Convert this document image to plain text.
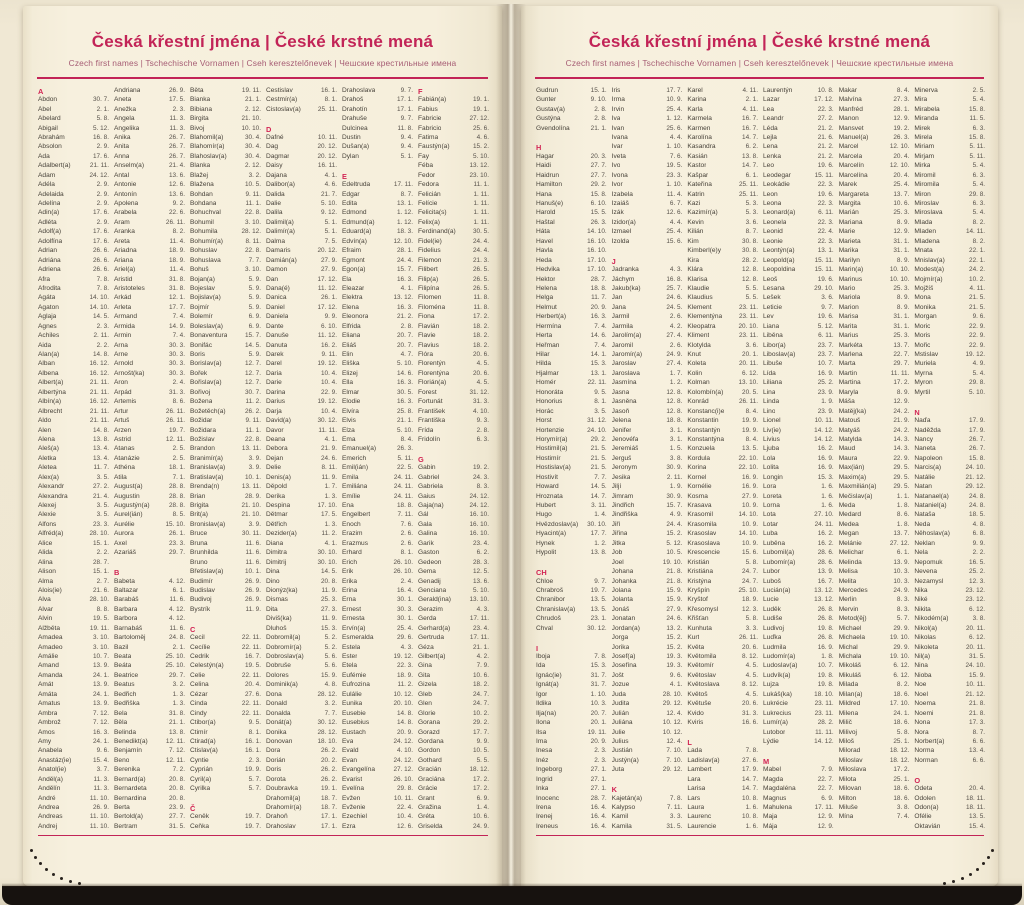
Česká křestní jména | České krstné mená
Czech first names | Tschechische Vornamen | Cseh keresztelőnevek | Чешские крестильные имена
A
Abdon	30. 7.
Ábel	2. 1.
Abelard	5. 8.
Abigail	5. 12.
Abrahám	16. 8.
Absolon	2. 9.
Ada	17. 6.
Adalbert(a)	21. 11.
Adam	24. 12.
Adéla	2. 9.
Adelaida	2. 9.
Adelína	2. 9.
Adin(a)	17. 6.
Adléta	2. 9.
Adolf(a)	17. 6.
Adolfína	17. 6.
Adrian	26. 6.
Adriána	26. 6.
Adriena	26. 6.
Afra	7. 8.
Afrodita	7. 8.
Agáta	14. 10.
Agaton	14. 10.
Aglaja	14. 5.
Agnes	2. 3.
Achiles	2. 11.
Aida	2. 2.
Alan(a)	14. 8.
Alban	16. 12.
Albena	16. 12.
Albert(a)	21. 11.
Albertýna	21. 11.
Albín(a)	16. 12.
Albrecht	21. 11.
Aldo	21. 11.
Alen	14. 8.
Alena	13. 8.
Aleš(a)	13. 4.
Aletka	13. 4.
Aletea	11. 7.
Alex(a)	3. 5.
Alexandr	27. 2.
Alexandra	21. 4.
Alexej	3. 5.
Alexie	3. 5.
Alfons	23. 3.
Alfréd(a)	28. 10.
Alice	15. 1.
Alida	2. 2.
Alina	28. 7.
Alison	15. 1.
Alma	2. 7.
Alois(ie)	21. 6.
Alva	28. 10.
Alvar	8. 8.
Alvin	19. 5.
Alžběta	19. 11.
Amadea	3. 10.
Amadeo	3. 10.
Amálie	10. 7.
Amand	13. 9.
Amanda	24. 1.
Amát	13. 9.
Amáta	24. 1.
Amatus	13. 9.
Ambra	7. 12.
Ambrož	7. 12.
Ámos	16. 3.
Amy	24. 1.
Anabela	9. 6.
Anastáz(ie)	15. 4.
Anatol(ie)	3. 7.
Anděl(a)	11. 3.
Andělín	11. 3.
André	11. 10.
Andrea	26. 9.
Andreas	11. 10.
Andrej	11. 10.
Andriana	26. 9.
Aneta	17. 5.
Anežka	2. 3.
Angela	11. 3.
Angelika	11. 3.
Anika	26. 7.
Anita	26. 7.
Anna	26. 7.
Anselm(a)	21. 4.
Antal	13. 6.
Antonie	12. 6.
Antonín	13. 6.
Apolena	9. 2.
Arabela	22. 6.
Aram	26. 11.
Aranka	8. 2.
Areta	11. 4.
Ariadna	18. 9.
Ariana	18. 9.
Ariel(a)	11. 4.
Aristid	31. 8.
Aristoteles	31. 8.
Arkád	12. 1.
Arleta	17. 7.
Armand	7. 4.
Armida	14. 9.
Armin	7. 4.
Arna	30. 3.
Arne	30. 3.
Arnold	30. 3.
Arnošt(ka)	30. 3.
Áron	2. 4.
Árpád	31. 3.
Artemis	8. 6.
Artur	26. 11.
Artuš	26. 11.
Arzen	19. 7.
Astrid	12. 11.
Atanas	2. 5.
Atanázie	2. 5.
Athéna	18. 1.
Atila	7. 1.
August(a)	28. 8.
Augustin	28. 8.
Augustýn(a)	28. 8.
Aurel(ián)	8. 5.
Aurélie	15. 10.
Aurora	26. 1.
Axel	23. 3.
Azariáš	29. 7.
B
Babeta	4. 12.
Baltazar	6. 1.
Barabáš	11. 6.
Barbara	4. 12.
Barbora	4. 12.
Barnabáš	11. 6.
Bartoloměj	24. 8.
Bazil	2. 1.
Beata	25. 10.
Beáta	25. 10.
Beatrice	29. 7.
Beatus	3. 2.
Bedřich	1. 3.
Bedřiška	1. 3.
Bela	31. 8.
Běla	21. 1.
Belinda	13. 8.
Benedikt(a)	12. 11.
Benjamín	7. 12.
Beno	12. 11.
Berenika	7. 2.
Bernard(a)	20. 8.
Bernardeta	20. 8.
Bernardina	20. 8.
Berta	23. 9.
Bertold(a)	27. 7.
Bertram	31. 5.
Běta	19. 11.
Bianka	21. 1.
Bibiana	2. 12.
Birgita	21. 10.
Bivoj	10. 10.
Blahomil(a)	30. 4.
Blahomír(a)	30. 4.
Blahoslav(a)	30. 4.
Blanka	2. 12.
Blažej	3. 2.
Blažena	10. 5.
Bohdan	9. 11.
Bohdana	11. 1.
Bohuchval	22. 8.
Bohumil	3. 10.
Bohumila	28. 12.
Bohumír(a)	8. 11.
Bohuslav	22. 8.
Bohuslava	7. 7.
Bohuš	3. 10.
Bojan(a)	5. 9.
Bojeslav	5. 9.
Bojislav(a)	5. 9.
Bojmír	5. 9.
Bolemír	6. 9.
Boleslav(a)	6. 9.
Bonaventura	15. 7.
Bonifác	14. 5.
Boris	5. 9.
Borislav(a)	12. 7.
Bořek	12. 7.
Bořislav(a)	12. 7.
Bořivoj	30. 7.
Božena	11. 2.
Božetěch(a)	26. 2.
Božidar	9. 11.
Božidara	11. 1.
Božislav	22. 8.
Brandon	13. 11.
Branimír(a)	3. 9.
Branislav(a)	3. 9.
Bratislav(a)	10. 1.
Brenda(n)	13. 11.
Brian	28. 9.
Brigita	21. 10.
Brit(a)	21. 10.
Bronislav(a)	3. 9.
Bruce	30. 11.
Bruna	11. 6.
Brunhilda	11. 6.
Bruno	11. 6.
Břetislav(a)	10. 1.
Budimír	26. 9.
Budislav	26. 9.
Budivoj	26. 9.
Bystrík	11. 9.
C
Cecil	22. 11.
Cecílie	22. 11.
Cedrik	16. 7.
Celestýn(a)	19. 5.
Celie	22. 11.
Celina	20. 4.
Cézar	27. 6.
Cinda	22. 11.
Cindy	22. 11.
Ctibor(a)	9. 5.
Ctimír	8. 1.
Ctirad(a)	16. 1.
Ctislav(a)	16. 1.
Cyntie	2. 3.
Cyprián	19. 9.
Cyril(a)	5. 7.
Cyrilka	5. 7.
Č
Čeněk	19. 7.
Čeňka	19. 7.
Čestislav	16. 1.
Čestmír(a)	8. 1.
Čistoslav(a)	25. 11.
D
Dafné	10. 11.
Dag	20. 12.
Dagmar	20. 12.
Daisy	16. 11.
Dajana	4. 1.
Dalibor(a)	4. 6.
Dalida	21. 7.
Dalie	5. 10.
Dalila	9. 12.
Dalimil(a)	5. 1.
Dalimír(a)	5. 1.
Dalma	7. 5.
Damaris	20. 12.
Damián(a)	27. 9.
Damon	27. 9.
Dan	17. 12.
Dana(é)	11. 12.
Danica	26. 1.
Daniel	17. 12.
Daniela	9. 9.
Dante	6. 10.
Danuše	11. 12.
Danuta	16. 2.
Darek	9. 11.
Darel	19. 12.
Daria	10. 4.
Darie	10. 4.
Darina	22. 9.
Darius	19. 12.
Darja	10. 4.
David(a)	30. 12.
Davor	11. 11.
Deana	4. 1.
Debora	21. 9.
Dejan	24. 6.
Delie	8. 11.
Denis(a)	11. 9.
Děpold	1. 7.
Derika	1. 3.
Despina	17. 10.
Dětmar	17. 5.
Dětřich	1. 3.
Dezider(a)	11. 2.
Diana	4. 1.
Dimitra	30. 10.
Dimitrij	30. 10.
Dina	14. 5.
Dino	20. 8.
Dionýz(ka)	11. 9.
Dismas	25. 3.
Dita	27. 3.
Diviš(ka)	11. 9.
Dluhoš	15. 3.
Dobromil(a)	5. 2.
Dobromír(a)	5. 2.
Dobroslav(a)	5. 6.
Dobruše	5. 6.
Dolores	15. 9.
Dominik(a)	4. 8.
Dona	28. 12.
Donald	3. 2.
Donalda	7. 7.
Donát(a)	30. 12.
Donika	28. 12.
Donovan	18. 10.
Dora	26. 2.
Dorián	20. 2.
Doris	26. 2.
Dorota	26. 2.
Doubravka	19. 1.
Drahomil(a)	18. 7.
Drahomír(a)	18. 7.
Drahoň	17. 1.
Drahoslav	17. 1.
Drahoslava	9. 7.
Drahoš	17. 1.
Drahotín	17. 1.
Drahuše	9. 7.
Dulcinea	11. 8.
Dustin	9. 4.
Dušan(a)	9. 4.
Dylan	5. 1.
E
Edeltruda	17. 11.
Edgar	8. 7.
Edita	13. 1.
Edmond	1. 12.
Edmund(a)	1. 12.
Eduard(a)	18. 3.
Edvín(a)	12. 10.
Efraim	28. 1.
Egmont	24. 4.
Egon(a)	15. 7.
Ela	16. 3.
Eleazar	4. 1.
Elektra	13. 12.
Elena	16. 3.
Eleonora	21. 2.
Elfrida	2. 8.
Eliana	20. 7.
Eliáš	20. 7.
Elin	4. 7.
Eliška	5. 10.
Elizej	14. 6.
Ella	16. 3.
Elmar	30. 5.
Elodie	16. 3.
Elvíra	25. 8.
Elvis	21. 1.
Elza	5. 10.
Ema	8. 4.
Emanuel(a)	26. 3.
Emerich	5. 11.
Emil(ián)	22. 5.
Emila	24. 11.
Emiliána	24. 11.
Emílie	24. 11.
Ena	18. 8.
Engelbert	7. 11.
Enoch	7. 6.
Erazim	2. 6.
Erazmus	2. 6.
Erhard	8. 1.
Erich	26. 10.
Erik	26. 10.
Erika	2. 4.
Erina	16. 4.
Erna	30. 1.
Ernest	30. 3.
Ernesta	30. 1.
Ervín(a)	25. 4.
Esmeralda	29. 6.
Estela	4. 3.
Ester	19. 12.
Etela	22. 3.
Eufémie	18. 9.
Eufrozina	11. 2.
Eulálie	10. 12.
Eunika	20. 10.
Eusebie	14. 8.
Eusebius	14. 8.
Eustach	20. 9.
Eva	24. 12.
Evald	4. 10.
Evan	24. 12.
Evangelína	27. 12.
Evarist	26. 10.
Evelína	29. 8.
Evžen	10. 11.
Evženie	22. 4.
Ezechiel	10. 4.
Ezra	12. 6.
F
Fabián(a)	19. 1.
Fabius	19. 1.
Fabricie	27. 12.
Fabricio	25. 6.
Fatima	4. 6.
Faustýn(a)	15. 2.
Fay	5. 10.
Féba	13. 12.
Fedor	23. 10.
Fedora	11. 1.
Felicián	1. 11.
Felície	1. 11.
Felicita(s)	1. 11.
Felix(a)	1. 11.
Ferdinand(a)	30. 5.
Fidel(ie)	24. 4.
Fidelius	24. 4.
Filemon	21. 3.
Filibert	26. 5.
Filip(a)	26. 5.
Filipína	26. 5.
Filomen	11. 8.
Filoména	11. 8.
Fiona	17. 2.
Flavián	18. 2.
Flavie	18. 2.
Flavius	18. 2.
Flóra	20. 6.
Florentýn	4. 5.
Florentýna	20. 6.
Florián(a)	4. 5.
Forest	31. 12.
Fortunát	31. 3.
František	4. 10.
Františka	9. 3.
Frída	2. 8.
Fridolín	6. 3.
G
Gabin	19. 2.
Gabriel	24. 3.
Gabriela	8. 3.
Gaius	24. 12.
Gaja(na)	24. 12.
Gál	16. 10.
Gala	16. 10.
Galina	16. 10.
Garik	23. 4.
Gaston	6. 2.
Gedeon	28. 3.
Gema	12. 5.
Genadij	13. 6.
Genciana	5. 10.
Gerald(ina)	13. 10.
Gerazim	4. 3.
Gerda	17. 11.
Gerhard(a)	23. 4.
Gertruda	17. 11.
Géza	21. 1.
Gilbert(a)	4. 2.
Gina	7. 9.
Gita	10. 6.
Gizela	18. 2.
Gleb	24. 7.
Glen	24. 7.
Glorie	10. 2.
Gorana	29. 2.
Gorazd	17. 7.
Gordana	9. 9.
Gordon	10. 5.
Gothard	5. 5.
Gracián	18. 12.
Graciána	17. 2.
Grácie	17. 2.
Grant	6. 9.
Gražina	1. 4.
Gréta	10. 6.
Griselda	24. 9.
Česká křestní jména | České krstné mená
Czech first names | Tschechische Vornamen | Cseh keresztelőnevek | Чешские крестильные имена
Gudrun	15. 1.
Gunter	9. 10.
Gustav(a)	2. 8.
Gustýna	2. 8.
Gvendolína	21. 1.
H
Hagar	20. 3.
Haidi	27. 7.
Haidrun	27. 7.
Hamilton	29. 2.
Hana	15. 8.
Hanuš(e)	6. 10.
Harold	15. 5.
Haštal	26. 3.
Háta	14. 10.
Havel	16. 10.
Havla	16. 10.
Heda	17. 10.
Hedvika	17. 10.
Hektor	28. 7.
Helena	18. 8.
Helga	11. 7.
Helmut	20. 9.
Herbert(a)	16. 3.
Hermína	7. 4.
Herta	14. 6.
Heřman	7. 4.
Hilar	14. 1.
Hilda	15. 3.
Hjalmar	13. 1.
Homér	22. 11.
Honoráta	9. 5.
Honorius	8. 1.
Horác	3. 5.
Horst	31. 12.
Hortenzie	24. 10.
Horymír(a)	29. 2.
Hostimil(a)	21. 5.
Hostimír	21. 5.
Hostislav(a)	21. 5.
Hostivít	7. 7.
Howard	14. 5.
Hroznata	14. 7.
Hubert	3. 11.
Hugo	1. 4.
Hvězdoslav(a) 30. 10.
Hyacint(a)	17. 7.
Hynek	1. 2.
Hypolit	13. 8.
CH
Chloe	9. 7.
Chrabroš	19. 7.
Chranibor	13. 5.
Chranislav(a) 13. 5.
Chrudoš	23. 1.
Chval	30. 12.
I
Iboja	7. 8.
Ida	15. 3.
Ignác(ie)	31. 7.
Ignát(a)	31. 7.
Igor	1. 10.
Ildika	10. 3.
Ilja(na)	20. 7.
Ilona	20. 1.
Ilsa	19. 11.
Ima	20. 9.
Inesa	2. 3.
Inéz	2. 3.
Ingeborg	27. 1.
Ingrid	27. 1.
Inka	27. 1.
Inocenc	28. 7.
Irena	16. 4.
Irenej	16. 4.
Ireneus	16. 4.
Iris	17. 7.
Irma	10. 9.
Irvin	25. 4.
Iva	1. 12.
Ivan	25. 6.
Ivana	4. 4.
Ivar	1. 10.
Iveta	7. 6.
Ivo	19. 5.
Ivona	23. 3.
Ivor	1. 10.
Izabela	11. 4.
Izaiáš	6. 7.
Izák	12. 6.
Izidor(a)	4. 4.
Izmael	25. 4.
Izolda	15. 6.
J
Jadranka	4. 3.
Jáchym	16. 8.
Jakub(ka)	25. 7.
Jan	24. 6.
Jana	24. 5.
Jarmil	2. 6.
Jarmila	4. 2.
Jarolím(a)	27. 4.
Jaromil	2. 6.
Jaromír(a)	24. 9.
Jaroslav	27. 4.
Jaroslava	1. 7.
Jasmína	1. 2.
Jasna	12. 8.
Jasněna	12. 8.
Jasoň	12. 8.
Jelena	18. 8.
Jenifer	3. 1.
Jenovéfa	3. 1.
Jeremiáš	1. 5.
Jerguš	3. 8.
Jeronym	30. 9.
Jesika	2. 11.
Jiljí	1. 9.
Jimram	30. 9.
Jindřich	15. 7.
Jindřiška	4. 9.
Jiří	24. 4.
Jiřina	15. 2.
Jitka	5. 12.
Job	10. 5.
Joel	19. 10.
Johana	21. 8.
Johanka	21. 8.
Jolana	15. 9.
Jolanta	15. 9.
Jonáš	27. 9.
Jonatan	24. 6.
Jordan(a)	13. 2.
Jorga	15. 2.
Jorika	15. 2.
Josef(a)	19. 3.
Josefína	19. 3.
Jošt	9. 6.
Jozue	4. 1.
Juda	28. 10.
Judita	29. 12.
Julián	12. 4.
Juliána	10. 12.
Julie	10. 12.
Julius	12. 4.
Justián	7. 10.
Justýn(a)	7. 10.
Juta	29. 12.
K
Kajetán(a)	7. 8.
Kalypso	7. 11.
Kamil	3. 3.
Kamila	31. 5.
Karel	4. 11.
Karina	2. 1.
Karla	4. 11.
Karmela	16. 7.
Karmen	16. 7.
Karolína	14. 7.
Kasandra	6. 2.
Kasián	13. 8.
Kastor	14. 7.
Kašpar	6. 1.
Kateřina	25. 11.
Katrin	25. 11.
Kazi	5. 3.
Kazimír(a)	5. 3.
Kevin	3. 6.
Kilián	8. 7.
Kim	30. 8.
Kimberl(e)y	30. 8.
Kira	28. 2.
Klára	12. 8.
Klarisa	12. 8.
Klaudie	5. 5.
Klaudius	5. 5.
Klement	23. 11.
Klementýna	23. 11.
Kleopatra	20. 10.
Kliment	23. 11.
Klotylda	3. 6.
Knut	20. 1.
Koleta	20. 11.
Kolin	6. 12.
Kolman	13. 10.
Kolombín(a)	20. 5.
Konrád	26. 11.
Konstanc(i)e	8. 4.
Konstantin	19. 9.
Konstantýn	19. 9.
Konstantýna	8. 4.
Konzuela	13. 5.
Kordula	22. 10.
Korina	22. 10.
Kornel	16. 9.
Kornélie	16. 9.
Kosma	27. 9.
Krasava	10. 9.
Krasomil	14. 10.
Krasomila	10. 9.
Krasoslav	14. 10.
Krasoslava	10. 9.
Krescencie	15. 6.
Kristián	5. 8.
Kristiána	24. 7.
Kristýna	24. 7.
Kryšpín	25. 10.
Kryštof	18. 9.
Křesomysl	12. 3.
Křišťan	5. 8.
Kunhuta	3. 3.
Kurt	26. 11.
Květa	20. 6.
Květomila	8. 12.
Květomír	4. 5.
Květoslav	4. 5.
Květoslava	8. 12.
Květoš	4. 5.
Květuše	20. 6.
Kvido	31. 3.
Kviris	16. 6.
L
Lada	7. 8.
Ladislav(a)	27. 6.
Lambert	17. 9.
Lara	14. 7.
Larisa	14. 7.
Lars	10. 8.
Laura	1. 6.
Laurenc	10. 8.
Laurencie	1. 6.
Laurentýn	10. 8.
Lazar	17. 12.
Lea	22. 3.
Leandr	27. 2.
Léda	21. 2.
Lejla	21. 6.
Lena	21. 2.
Lenka	21. 2.
Leo	19. 6.
Leodegar	15. 11.
Leokádie	22. 3.
Leon	19. 6.
Leona	22. 3.
Leonard(a)	6. 11.
Leonela	22. 3.
Leonid	22. 4.
Leonie	22. 3.
Leontýn(a)	13. 1.
Leopold(a)	15. 11.
Leopoldina	15. 11.
Leoš	19. 6.
Lesana	29. 10.
Lešek	3. 6.
Leticie	9. 7.
Lev	19. 6.
Liana	5. 12.
Liběna	6. 11.
Libor(a)	23. 7.
Liboslav(a)	23. 7.
Libuše	10. 7.
Lída	16. 9.
Liliana	25. 2.
Lina	23. 9.
Linda	1. 9.
Lino	23. 9.
Lionel	10. 11.
Liv(ie)	14. 12.
Livius	14. 12.
Ljuba	16. 2.
Lola	16. 9.
Lolita	16. 9.
Longin	15. 3.
Lora	1. 6.
Loreta	1. 6.
Lorna	1. 6.
Lota	27. 10.
Lotar	24. 11.
Luba	16. 2.
Luběna	16. 2.
Lubomil(a)	28. 6.
Lubomír(a)	28. 6.
Lubor	13. 9.
Luboš	16. 7.
Lucián(a)	13. 12.
Lucie	13. 12.
Luděk	26. 8.
Ludiše	26. 8.
Ludivoj	19. 8.
Luďka	26. 8.
Ludmila	16. 9.
Ludomír(a)	1. 8.
Ludoslav(a)	10. 7.
Ludvík(a)	19. 8.
Lujza	19. 8.
Lukáš(ka)	18. 10.
Lukrécie	23. 11.
Lukrecius	23. 11.
Lumír(a)	28. 2.
Lutobor	11. 11.
Lýdie	14. 12.
M
Mabel	7. 9.
Magda	22. 7.
Magdaléna	22. 7.
Magnus	6. 9.
Mahulena	17. 11.
Maja	12. 9.
Mája	12. 9.
Makar	8. 4.
Malvína	27. 3.
Manfréd	28. 1.
Manon	12. 9.
Mansvet	19. 2.
Manuel(a)	26. 3.
Marcel	12. 10.
Marcela	20. 4.
Marcelín	12. 10.
Marcelína	20. 4.
Marek	25. 4.
Margareta	13. 7.
Margita	10. 6.
Marián	25. 3.
Mariana	8. 9.
Marie	12. 9.
Marieta	31. 1.
Marika	31. 1.
Marilyn	8. 9.
Marin(a)	10. 10.
Marinus	10. 10.
Mario	25. 3.
Mariola	8. 9.
Marion	8. 9.
Marisa	31. 1.
Marita	31. 1.
Marius	25. 3.
Markéta	13. 7.
Marlena	22. 7.
Marta	29. 7.
Martin	11. 11.
Martina	17. 2.
Maryla	8. 9.
Máša	12. 9.
Matěj(ka)	24. 2.
Matouš	21. 9.
Matyáš	24. 2.
Matylda	14. 3.
Maud	14. 3.
Maura	22. 9.
Max(ián)	29. 5.
Maxim(a)	29. 5.
Maxmilián(a)	29. 5.
Mečislav(a)	1. 1.
Meda	1. 8.
Medard	8. 6.
Medea	1. 8.
Megan	13. 7.
Melánie	27. 12.
Melichar	6. 1.
Melinda	13. 9.
Melisa	10. 3.
Melita	10. 3.
Mercedes	24. 9.
Merlin	8. 3.
Mervin	8. 3.
Metod(ěj)	5. 7.
Michael	29. 9.
Michaela	19. 10.
Michal	29. 9.
Michala	19. 10.
Mikoláš	6. 12.
Mikuláš	6. 12.
Milada	8. 2.
Milan(a)	18. 6.
Mildred	17. 10.
Milena	24. 1.
Milič	18. 6.
Milivoj	5. 8.
Miloš	25. 1.
Milorad	18. 12.
Miloslav	18. 12.
Miloslava	17. 2.
Milota	25. 1.
Milovan	18. 6.
Milton	18. 6.
Miluše	3. 8.
Mína	7. 4.
Minerva	2. 5.
Mira	5. 4.
Mirabela	15. 8.
Miranda	11. 5.
Mirek	6. 3.
Mirela	15. 8.
Miriam	5. 11.
Mirjam	5. 11.
Mirka	5. 4.
Miromil	6. 3.
Miromila	5. 4.
Miron	29. 8.
Miroslav	6. 3.
Miroslava	5. 4.
Mlada	8. 2.
Mladen	14. 11.
Mladena	8. 2.
Mnata	22. 1.
Mnislav(a)	22. 1.
Modest(a)	24. 2.
Mojmír(a)	10. 2.
Mojžíš	4. 11.
Mona	21. 5.
Monika	21. 5.
Morgan	9. 6.
Moric	22. 9.
Moris	22. 9.
Mořic	22. 9.
Mstislav	19. 12.
Muriela	4. 9.
Myrna	5. 4.
Myron	29. 8.
Myrtil	5. 10.
N
Naďa	17. 9.
Naděžda	17. 9.
Nancy	26. 7.
Naneta	26. 7.
Napoleon	15. 8.
Narcis(a)	24. 10.
Natálie	21. 12.
Natan	29. 12.
Natanael(a)	24. 8.
Nataniel(a)	24. 8.
Nataša	18. 5.
Neda	4. 8.
Něhoslav(a)	6. 8.
Neklan	9. 9.
Nela	2. 2.
Nepomuk	16. 5.
Nevena	25. 2.
Nezamysl	12. 3.
Nika	23. 12.
Niké	23. 12.
Nikita	6. 12.
Nikodém(a)	3. 8.
Nikol(a)	20. 11.
Nikolas	6. 12.
Nikoleta	20. 11.
Nil(a)	31. 5.
Nina	24. 10.
Nioba	15. 9.
Noe	10. 11.
Noel	21. 12.
Noema	21. 8.
Noemi	21. 8.
Nona	17. 3.
Nora	8. 7.
Norbert(a)	6. 6.
Norma	13. 4.
Norman	6. 6.
O
Odeta	20. 4.
Odolen	18. 11.
Odon(a)	18. 11.
Ofélie	13. 5.
Oktavián	15. 4.
